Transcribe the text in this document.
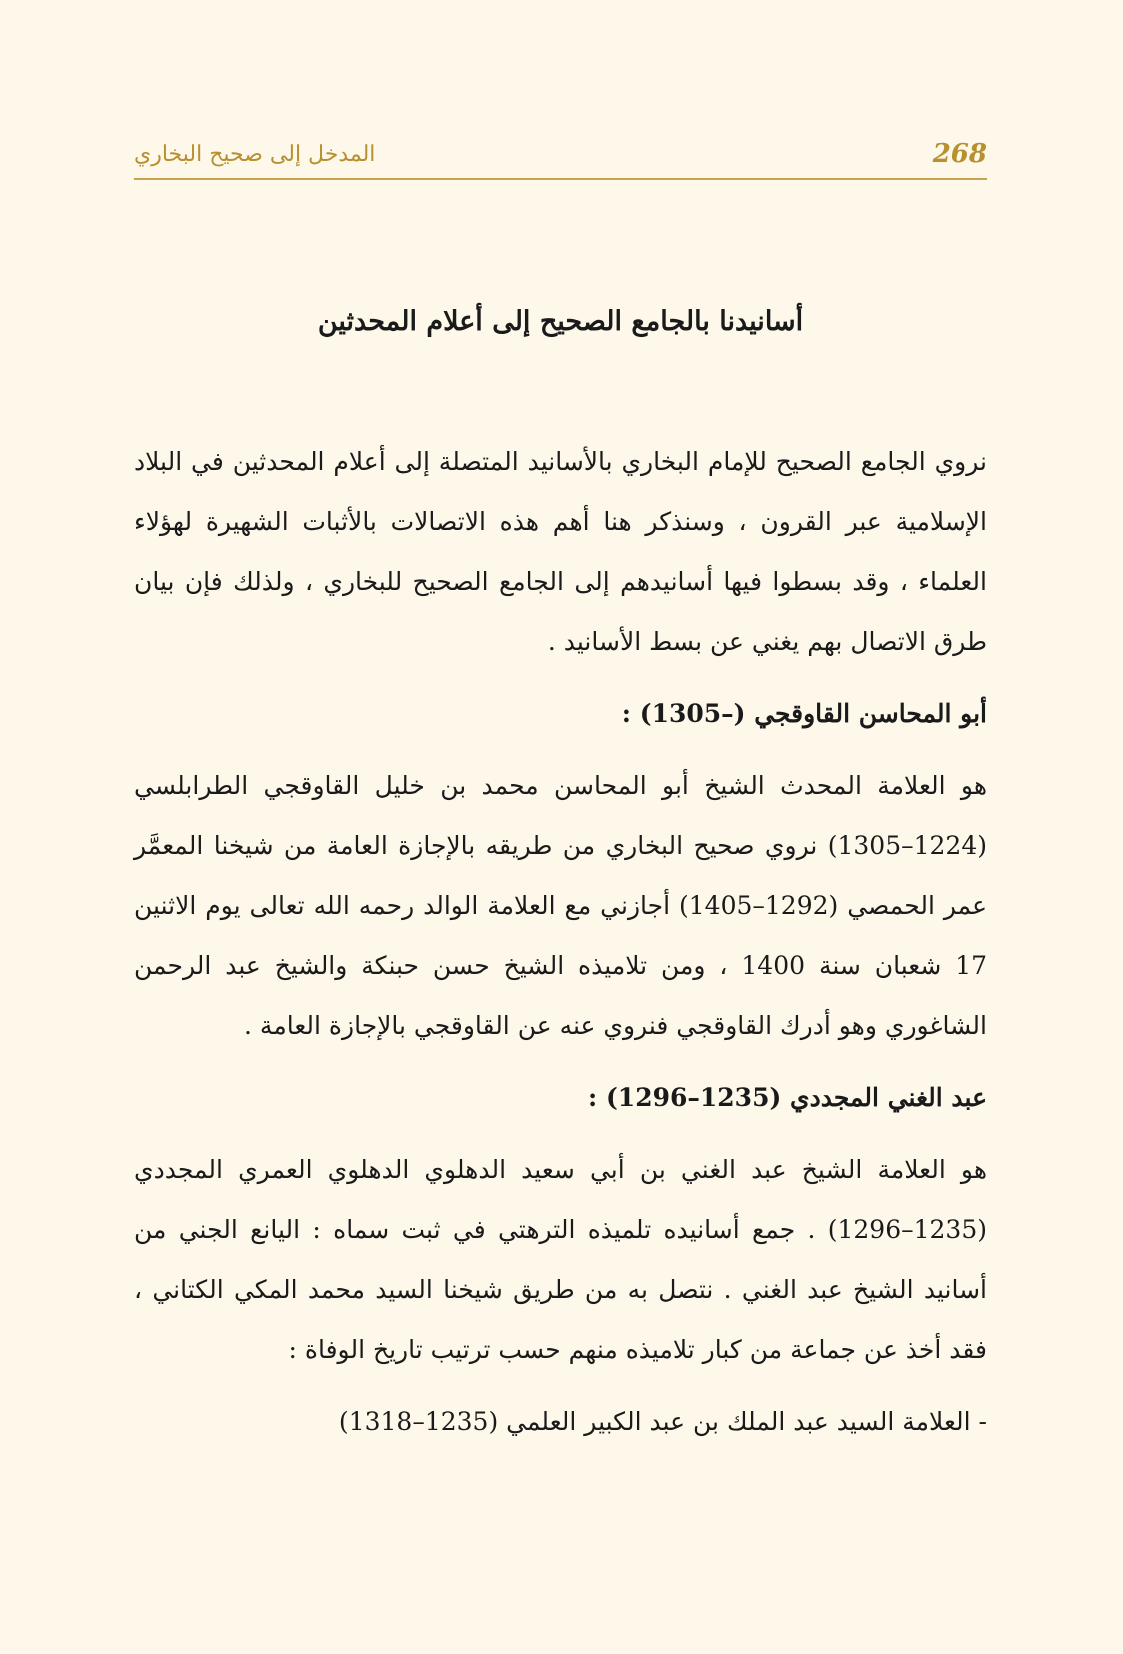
268
المدخل إلى صحيح البخاري
أسانيدنا بالجامع الصحيح إلى أعلام المحدثين

نروي الجامع الصحيح للإمام البخاري بالأسانيد المتصلة إلى أعلام المحدثين في البلاد الإسلامية عبر القرون ، وسنذكر هنا أهم هذه الاتصالات بالأثبات الشهيرة لهؤلاء العلماء ، وقد بسطوا فيها أسانيدهم إلى الجامع الصحيح للبخاري ، ولذلك فإن بيان طرق الاتصال بهم يغني عن بسط الأسانيد .

أبو المحاسن القاوقجي (–1305) :

هو العلامة المحدث الشيخ أبو المحاسن محمد بن خليل القاوقجي الطرابلسي (1224–1305) نروي صحيح البخاري من طريقه بالإجازة العامة من شيخنا المعمَّر عمر الحمصي (1292–1405) أجازني مع العلامة الوالد رحمه الله تعالى يوم الاثنين 17 شعبان سنة 1400 ، ومن تلاميذه الشيخ حسن حبنكة والشيخ عبد الرحمن الشاغوري وهو أدرك القاوقجي فنروي عنه عن القاوقجي بالإجازة العامة .

عبد الغني المجددي (1235–1296) :

هو العلامة الشيخ عبد الغني بن أبي سعيد الدهلوي الدهلوي العمري المجددي (1235–1296) . جمع أسانيده تلميذه الترهتي في ثبت سماه : اليانع الجني من أسانيد الشيخ عبد الغني . نتصل به من طريق شيخنا السيد محمد المكي الكتاني ، فقد أخذ عن جماعة من كبار تلاميذه منهم حسب ترتيب تاريخ الوفاة :

- العلامة السيد عبد الملك بن عبد الكبير العلمي (1235–1318)
